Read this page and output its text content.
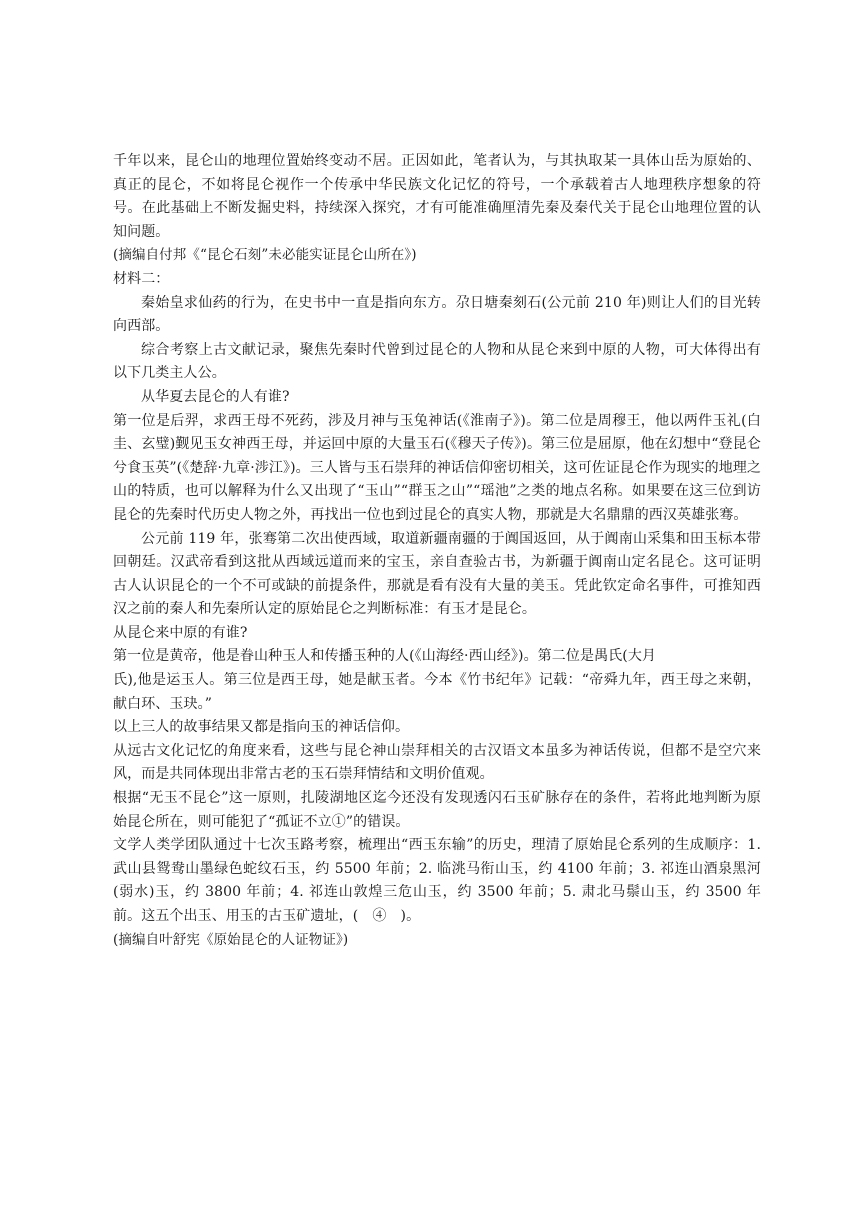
千年以来，昆仑山的地理位置始终变动不居。正因如此，笔者认为，与其执取某一具体山岳为原始的、真正的昆仑，不如将昆仑视作一个传承中华民族文化记忆的符号，一个承载着古人地理秩序想象的符号。在此基础上不断发掘史料，持续深入探究，才有可能准确厘清先秦及秦代关于昆仑山地理位置的认知问题。

(摘编自付邦《“昆仑石刻”未必能实证昆仑山所在》)

材料二：

秦始皇求仙药的行为，在史书中一直是指向东方。尕日塘秦刻石(公元前 210 年)则让人们的目光转向西部。

综合考察上古文献记录，聚焦先秦时代曾到过昆仑的人物和从昆仑来到中原的人物，可大体得出有以下几类主人公。

从华夏去昆仑的人有谁?

第一位是后羿，求西王母不死药，涉及月神与玉兔神话(《淮南子》)。第二位是周穆王，他以两件玉礼(白圭、玄璧)觐见玉女神西王母，并运回中原的大量玉石(《穆天子传》)。第三位是屈原，他在幻想中“登昆仑兮食玉英”(《楚辞·九章·涉江》)。三人皆与玉石崇拜的神话信仰密切相关，这可佐证昆仑作为现实的地理之山的特质，也可以解释为什么又出现了“玉山”“群玉之山”“瑶池”之类的地点名称。如果要在这三位到访昆仑的先秦时代历史人物之外，再找出一位也到过昆仑的真实人物，那就是大名鼎鼎的西汉英雄张骞。

公元前 119 年，张骞第二次出使西域，取道新疆南疆的于阗国返回，从于阗南山采集和田玉标本带回朝廷。汉武帝看到这批从西域远道而来的宝玉，亲自查验古书，为新疆于阗南山定名昆仑。这可证明古人认识昆仑的一个不可或缺的前提条件，那就是看有没有大量的美玉。凭此钦定命名事件，可推知西汉之前的秦人和先秦所认定的原始昆仑之判断标准：有玉才是昆仑。

从昆仑来中原的有谁?

第一位是黄帝，他是眷山种玉人和传播玉种的人(《山海经·西山经》)。第二位是禺氏(大月

氏),他是运玉人。第三位是西王母，她是献玉者。今本《竹书纪年》记载：“帝舜九年，西王母之来朝，献白环、玉玦。”

以上三人的故事结果又都是指向玉的神话信仰。

从远古文化记忆的角度来看，这些与昆仑神山崇拜相关的古汉语文本虽多为神话传说，但都不是空穴来风，而是共同体现出非常古老的玉石崇拜情结和文明价值观。

根据“无玉不昆仑”这一原则，扎陵湖地区迄今还没有发现透闪石玉矿脉存在的条件，若将此地判断为原始昆仑所在，则可能犯了“孤证不立①”的错误。

文学人类学团队通过十七次玉路考察，梳理出“西玉东输”的历史，理清了原始昆仑系列的生成顺序：1. 武山县鸳鸯山墨绿色蛇纹石玉，约 5500 年前；2. 临洮马衔山玉，约 4100 年前；3. 祁连山酒泉黑河(弱水)玉，约 3800 年前；4. 祁连山敦煌三危山玉，约 3500 年前；5. 肃北马鬃山玉，约 3500 年前。这五个出玉、用玉的古玉矿遗址，(　④　)。

(摘编自叶舒宪《原始昆仑的人证物证》)
